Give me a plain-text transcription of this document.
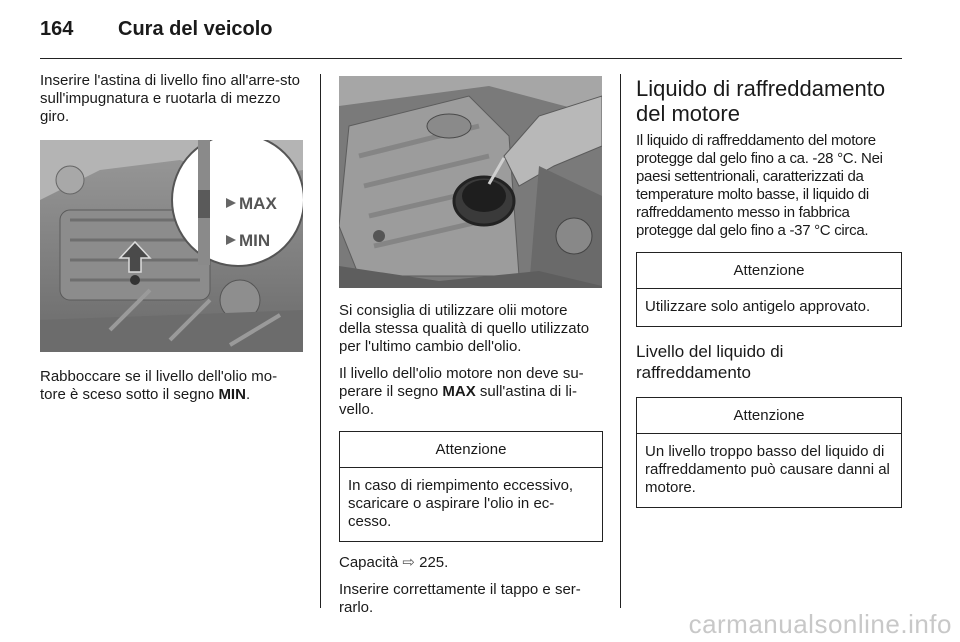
164 Cura del veicolo

Inserire l'astina di livello fino all'arre-sto sull'impugnatura e ruotarla di mezzo giro.

MAX
MIN

Rabboccare se il livello dell'olio mo-tore è sceso sotto il segno MIN.

Si consiglia di utilizzare olii motore della stessa qualità di quello utilizzato per l'ultimo cambio dell'olio.

Il livello dell'olio motore non deve su-perare il segno MAX sull'astina di li-vello.

Attenzione
In caso di riempimento eccessivo, scaricare o aspirare l'olio in ec-cesso.

Capacità ⇨ 225.

Inserire correttamente il tappo e ser-rarlo.

Liquido di raffreddamento del motore

Il liquido di raffreddamento del motore protegge dal gelo fino a ca. -28 °C. Nei paesi settentrionali, caratterizzati da temperature molto basse, il liquido di raffreddamento messo in fabbrica protegge dal gelo fino a -37 °C circa.

Attenzione
Utilizzare solo antigelo approvato.
Livello del liquido di raffreddamento
Attenzione
Un livello troppo basso del liquido di raffreddamento può causare danni al motore.
carmanualsonline.info
